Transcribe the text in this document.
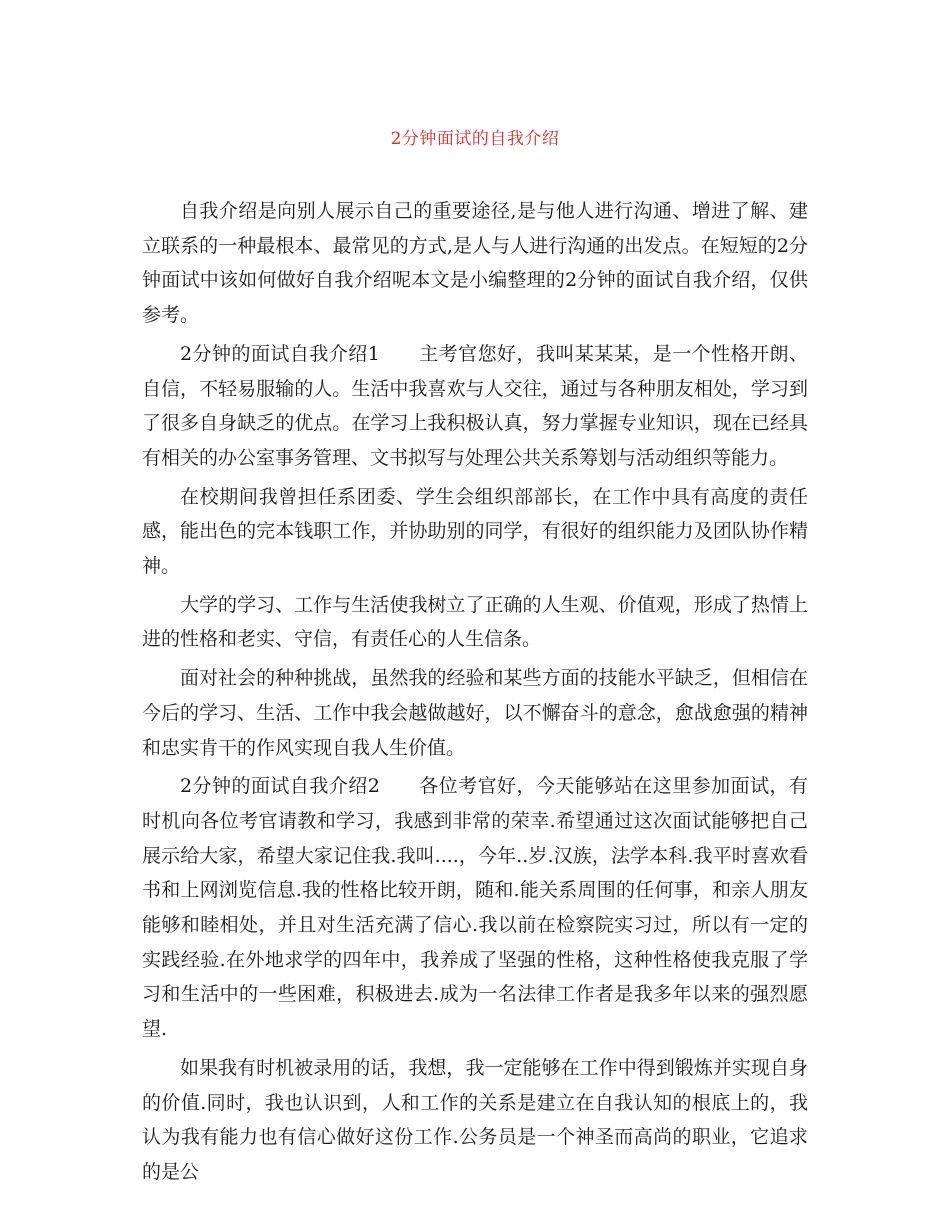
2分钟面试的自我介绍

自我介绍是向别人展示自己的重要途径,是与他人进行沟通、增进了解、建立联系的一种最根本、最常见的方式,是人与人进行沟通的出发点。在短短的2分钟面试中该如何做好自我介绍呢本文是小编整理的2分钟的面试自我介绍，仅供参考。

2分钟的面试自我介绍1　　主考官您好，我叫某某某，是一个性格开朗、自信，不轻易服输的人。生活中我喜欢与人交往，通过与各种朋友相处，学习到了很多自身缺乏的优点。在学习上我积极认真，努力掌握专业知识，现在已经具有相关的办公室事务管理、文书拟写与处理公共关系筹划与活动组织等能力。

在校期间我曾担任系团委、学生会组织部部长，在工作中具有高度的责任感，能出色的完本钱职工作，并协助别的同学，有很好的组织能力及团队协作精神。

大学的学习、工作与生活使我树立了正确的人生观、价值观，形成了热情上进的性格和老实、守信，有责任心的人生信条。

面对社会的种种挑战，虽然我的经验和某些方面的技能水平缺乏，但相信在今后的学习、生活、工作中我会越做越好，以不懈奋斗的意念，愈战愈强的精神和忠实肯干的作风实现自我人生价值。

2分钟的面试自我介绍2　　各位考官好，今天能够站在这里参加面试，有时机向各位考官请教和学习，我感到非常的荣幸.希望通过这次面试能够把自己展示给大家，希望大家记住我.我叫....，今年..岁.汉族，法学本科.我平时喜欢看书和上网浏览信息.我的性格比较开朗，随和.能关系周围的任何事，和亲人朋友能够和睦相处，并且对生活充满了信心.我以前在检察院实习过，所以有一定的实践经验.在外地求学的四年中，我养成了坚强的性格，这种性格使我克服了学习和生活中的一些困难，积极进去.成为一名法律工作者是我多年以来的强烈愿望.

如果我有时机被录用的话，我想，我一定能够在工作中得到锻炼并实现自身的价值.同时，我也认识到，人和工作的关系是建立在自我认知的根底上的，我认为我有能力也有信心做好这份工作.公务员是一个神圣而高尚的职业，它追求的是公
